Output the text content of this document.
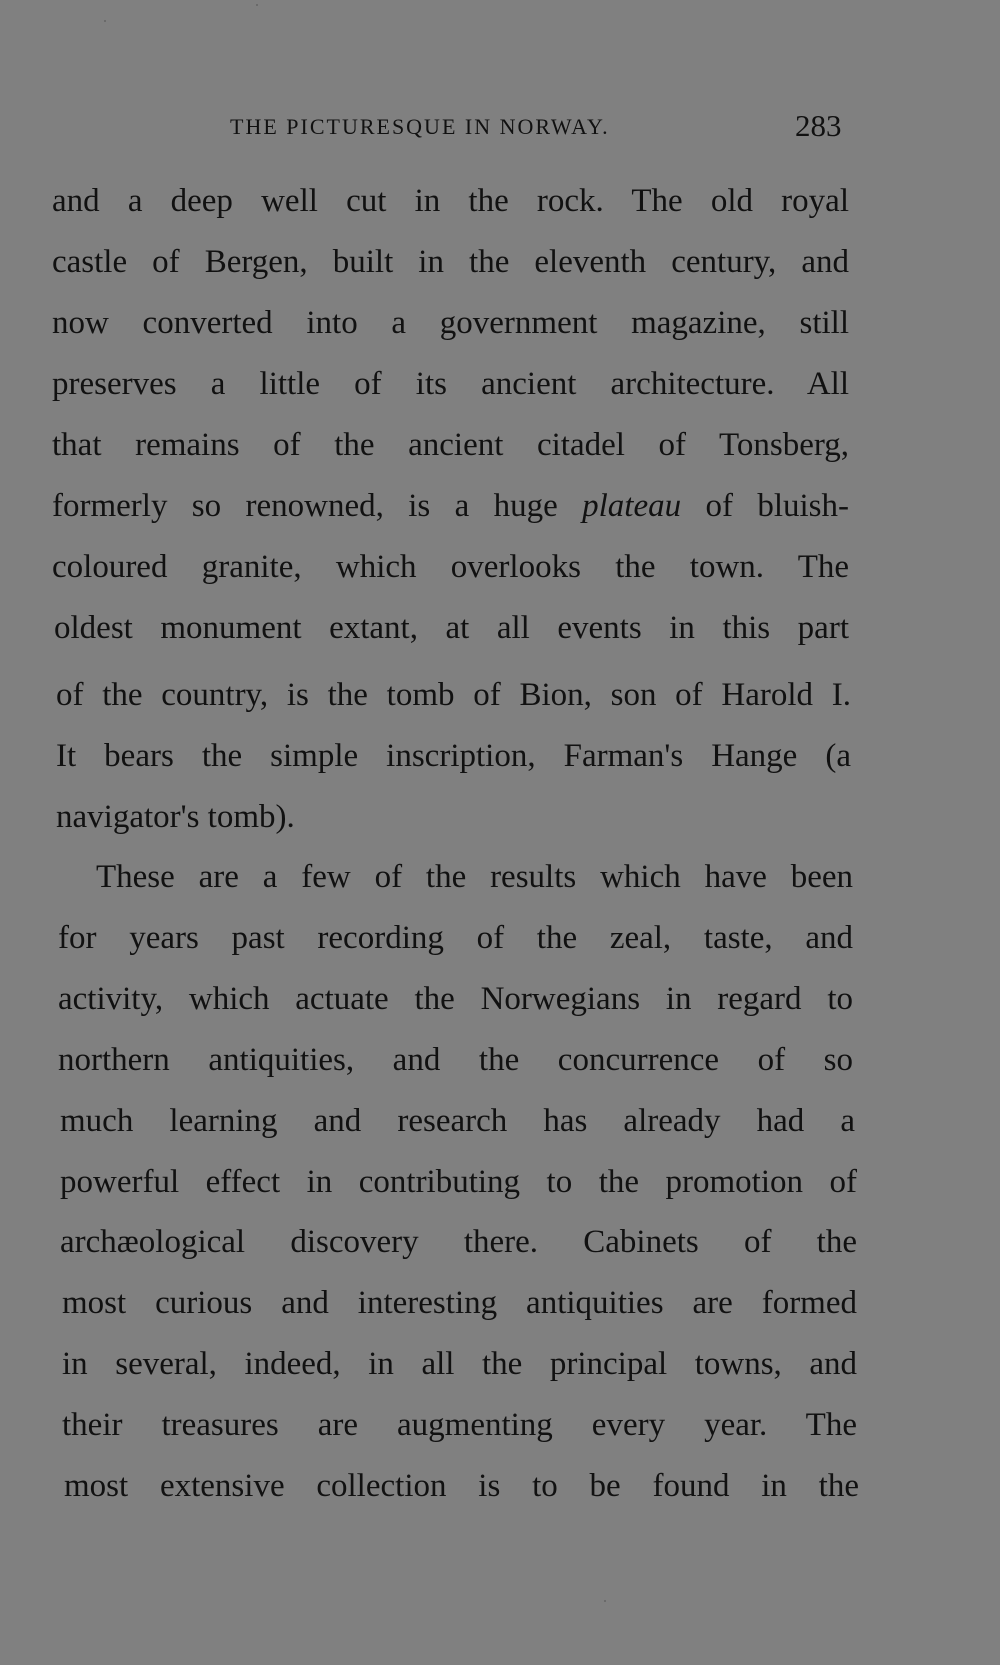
THE PICTURESQUE IN NORWAY.	283
and a deep well cut in the rock. The old royal
castle of Bergen, built in the eleventh century, and
now converted into a government magazine, still
preserves a little of its ancient architecture. All
that remains of the ancient citadel of Tonsberg,
formerly so renowned, is a huge plateau of bluish-
coloured granite, which overlooks the town. The
oldest monument extant, at all events in this part
of the country, is the tomb of Bion, son of Harold I.
It bears the simple inscription, Farman's Hange (a
navigator's tomb).
These are a few of the results which have been
for years past recording of the zeal, taste, and
activity, which actuate the Norwegians in regard to
northern antiquities, and the concurrence of so
much learning and research has already had a
powerful effect in contributing to the promotion of
archæological discovery there. Cabinets of the
most curious and interesting antiquities are formed
in several, indeed, in all the principal towns, and
their treasures are augmenting every year. The
most extensive collection is to be found in the
